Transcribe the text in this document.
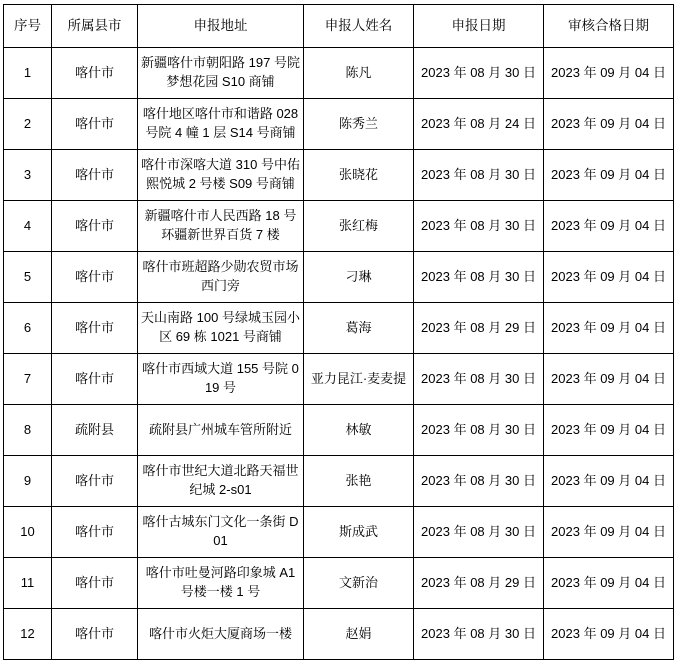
序号	所属县市	申报地址	申报人姓名	申报日期	审核合格日期
1	喀什市	新疆喀什市朝阳路 197 号院梦想花园 S10 商铺	陈凡	2023 年 08 月 30 日	2023 年 09 月 04 日
2	喀什市	喀什地区喀什市和谐路 028 号院 4 幢 1 层 S14 号商铺	陈秀兰	2023 年 08 月 24 日	2023 年 09 月 04 日
3	喀什市	喀什市深喀大道 310 号中佑熙悦城 2 号楼 S09 号商铺	张晓花	2023 年 08 月 30 日	2023 年 09 月 04 日
4	喀什市	新疆喀什市人民西路 18 号环疆新世界百货 7 楼	张红梅	2023 年 08 月 30 日	2023 年 09 月 04 日
5	喀什市	喀什市班超路少勋农贸市场西门旁	刁琳	2023 年 08 月 30 日	2023 年 09 月 04 日
6	喀什市	天山南路 100 号绿城玉园小区 69 栋 1021 号商铺	葛海	2023 年 08 月 29 日	2023 年 09 月 04 日
7	喀什市	喀什市西域大道 155 号院 019 号	亚力昆江·麦麦提	2023 年 08 月 30 日	2023 年 09 月 04 日
8	疏附县	疏附县广州城车管所附近	林敏	2023 年 08 月 30 日	2023 年 09 月 04 日
9	喀什市	喀什市世纪大道北路天福世纪城 2-s01	张艳	2023 年 08 月 30 日	2023 年 09 月 04 日
10	喀什市	喀什古城东门文化一条街 D01	斯成武	2023 年 08 月 30 日	2023 年 09 月 04 日
11	喀什市	喀什市吐曼河路印象城 A1 号楼一楼 1 号	文新治	2023 年 08 月 29 日	2023 年 09 月 04 日
12	喀什市	喀什市火炬大厦商场一楼	赵娟	2023 年 08 月 30 日	2023 年 09 月 04 日
